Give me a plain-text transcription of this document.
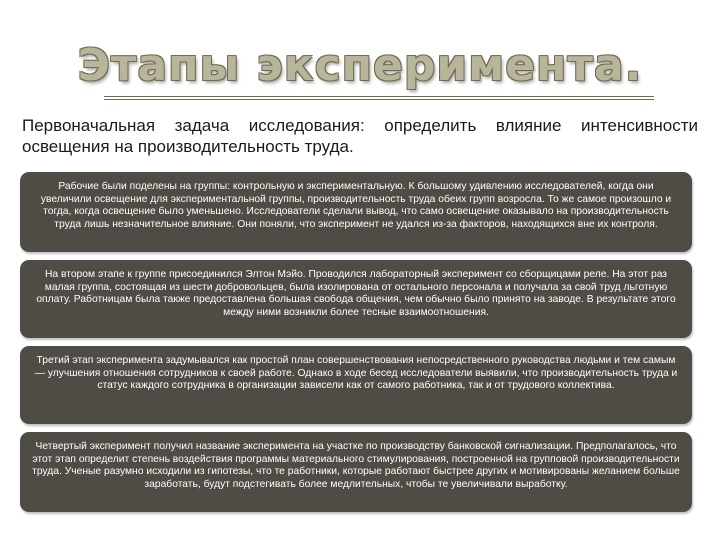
Этапы эксперимента.
Первоначальная задача исследования: определить влияние интенсивности освещения на производительность труда.
Рабочие были поделены на группы: контрольную и экспериментальную. К большому удивлению исследователей, когда они увеличили освещение для экспериментальной группы, производительность труда обеих групп возросла. То же самое произошло и тогда, когда освещение было уменьшено. Исследователи сделали вывод, что само освещение оказывало на производительность труда лишь незначительное влияние. Они поняли, что эксперимент не удался из-за факторов, находящихся вне их контроля.
На втором этапе к группе присоединился Элтон Мэйо. Проводился лабораторный эксперимент со сборщицами реле. На этот раз малая группа, состоящая из шести добровольцев, была изолирована от остального персонала и получала за свой труд льготную оплату. Работницам была также предоставлена большая свобода общения, чем обычно было принято на заводе. В результате этого между ними возникли более тесные взаимоотношения.
Третий этап эксперимента задумывался как простой план совершенствования непосредственного руководства людьми и тем самым — улучшения отношения сотрудников к своей работе. Однако в ходе бесед исследователи выявили, что производительность труда и статус каждого сотрудника в организации зависели как от самого работника, так и от трудового коллектива.
Четвертый эксперимент получил название эксперимента на участке по производству банковской сигнализации. Предполагалось, что этот этап определит степень воздействия программы материального стимулирования, построенной на групповой производительности труда. Ученые разумно исходили из гипотезы, что те работники, которые работают быстрее других и мотивированы желанием больше заработать, будут подстегивать более медлительных, чтобы те увеличивали выработку.
